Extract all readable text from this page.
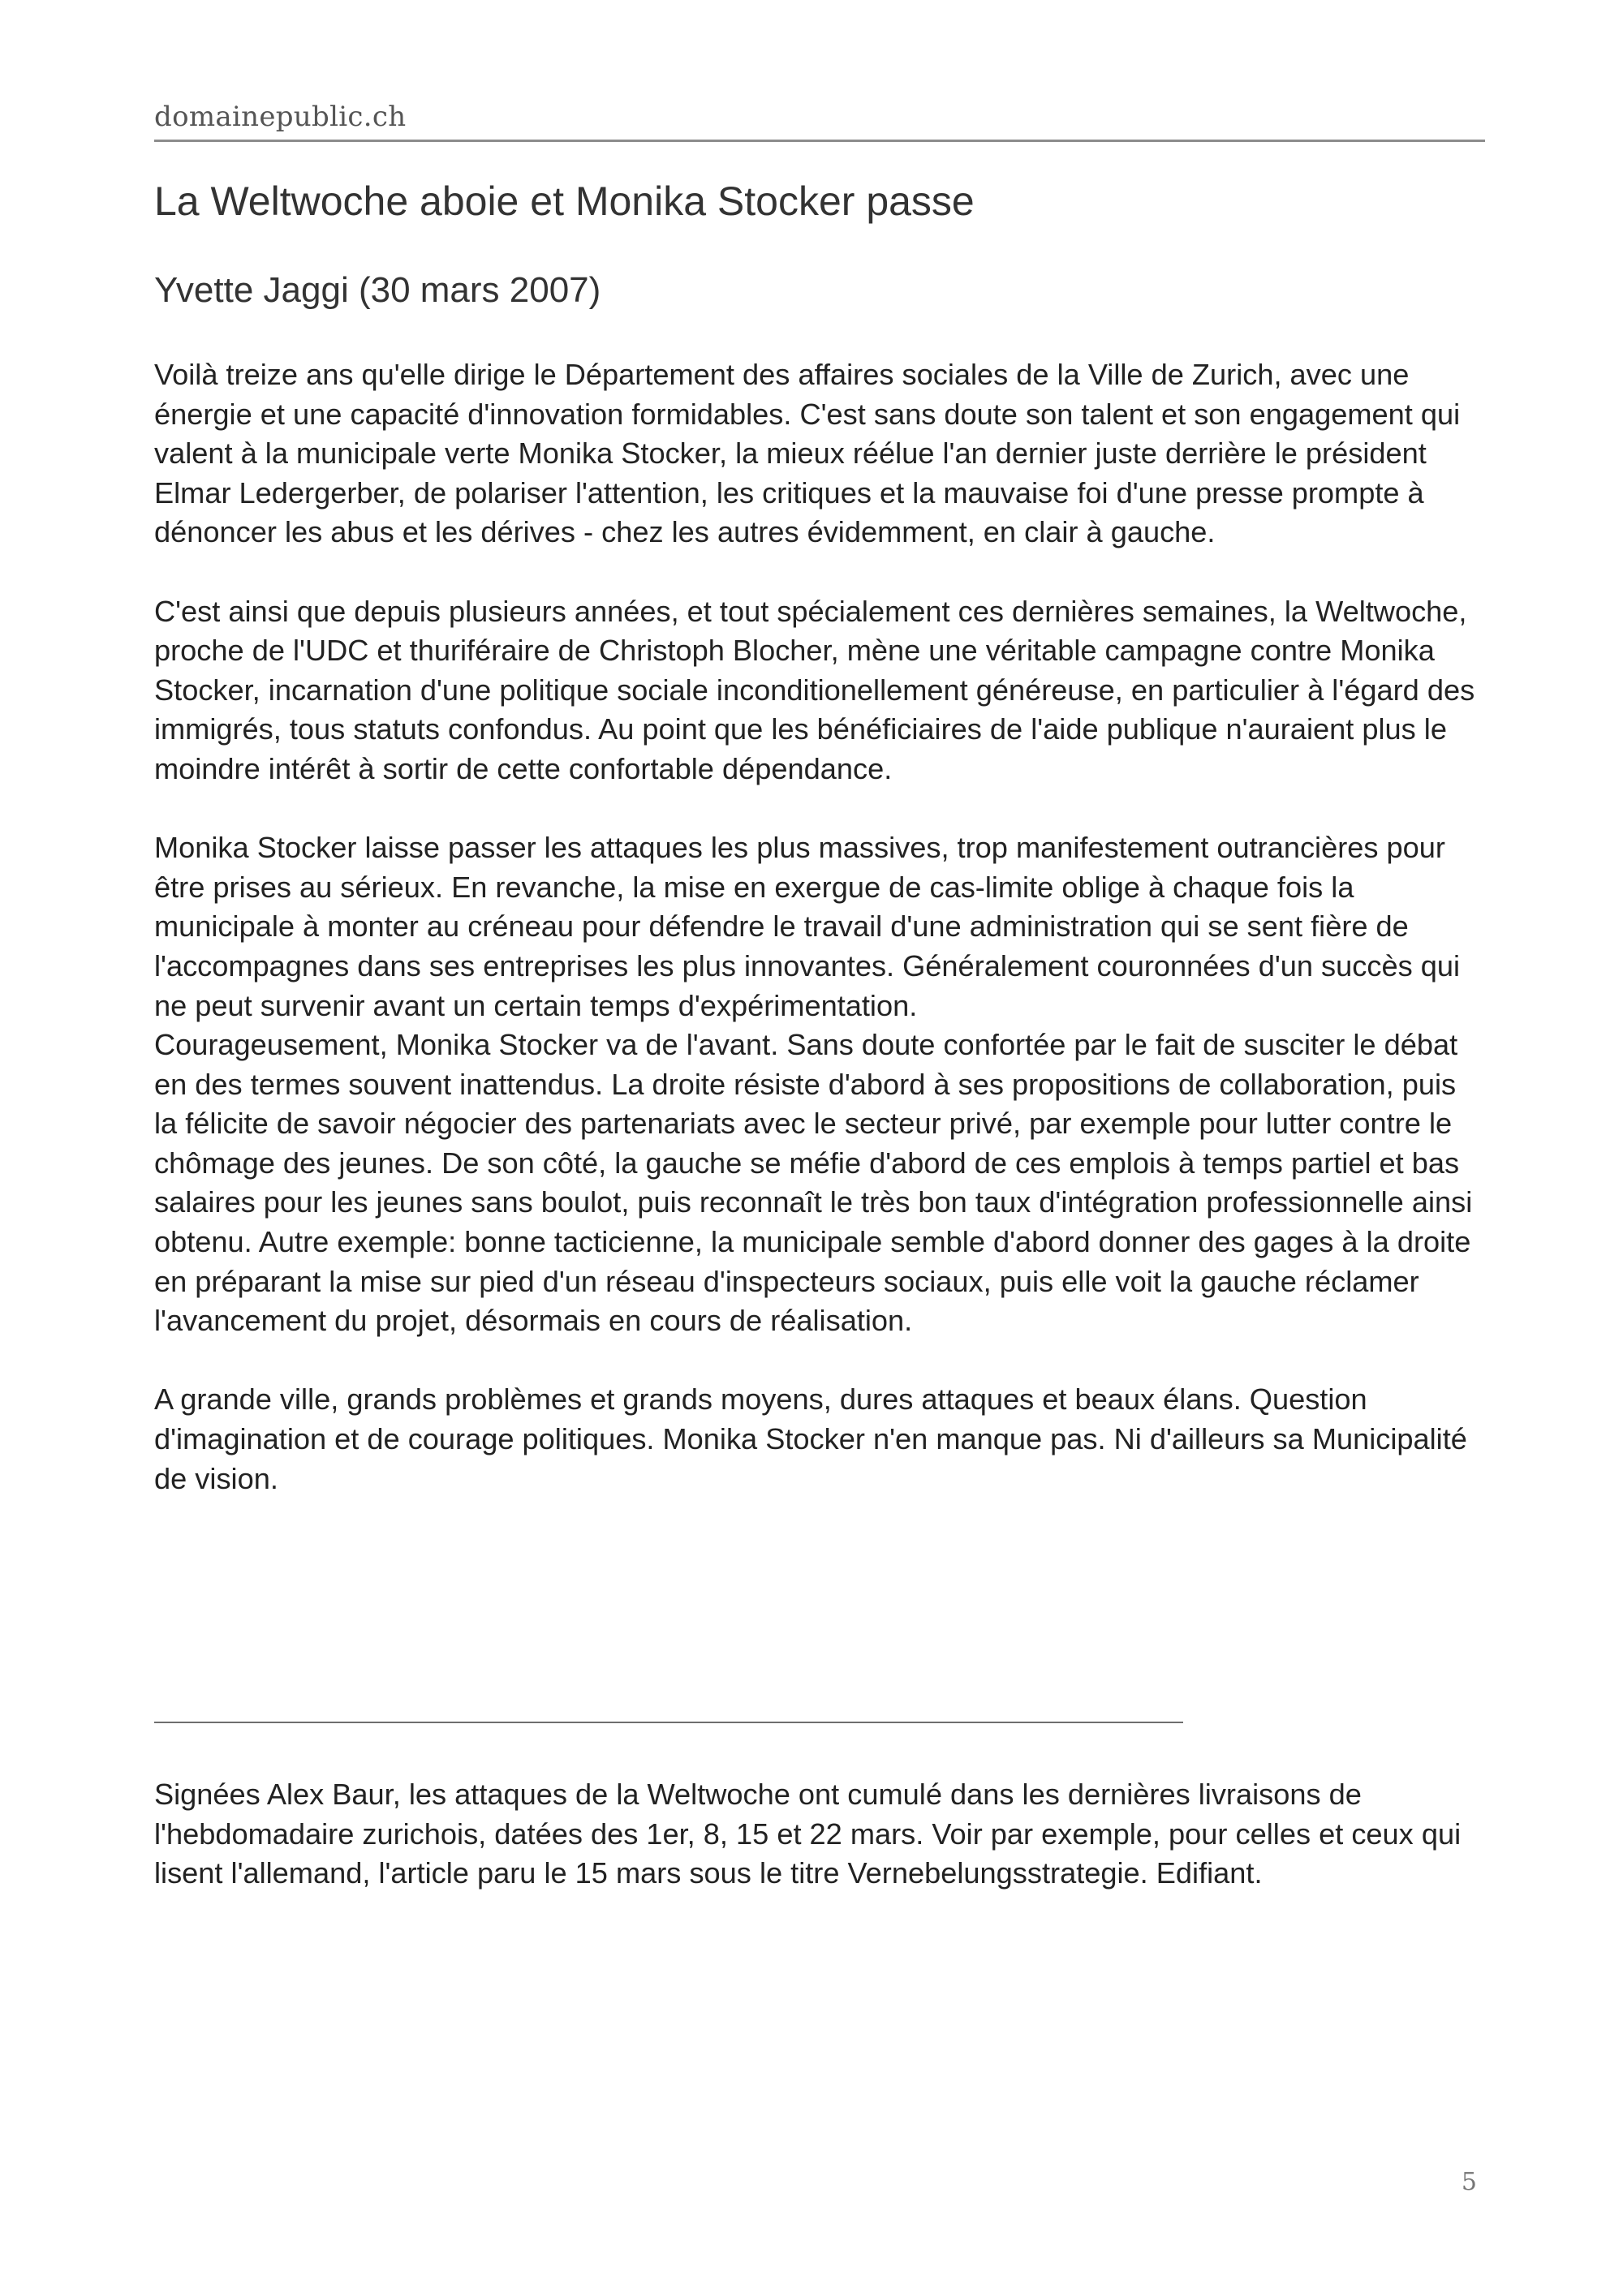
domainepublic.ch
La Weltwoche aboie et Monika Stocker passe
Yvette Jaggi (30 mars 2007)

Voilà treize ans qu'elle dirige le Département des affaires sociales de la Ville de Zurich, avec une énergie et une capacité d'innovation formidables. C'est sans doute son talent et son engagement qui valent à la municipale verte Monika Stocker, la mieux réélue l'an dernier juste derrière le président Elmar Ledergerber, de polariser l'attention, les critiques et la mauvaise foi d'une presse prompte à dénoncer les abus et les dérives - chez les autres évidemment, en clair à gauche.

C'est ainsi que depuis plusieurs années, et tout spécialement ces dernières semaines, la Weltwoche, proche de l'UDC et thuriféraire de Christoph Blocher, mène une véritable campagne contre Monika Stocker, incarnation d'une politique sociale inconditionellement généreuse, en particulier à l'égard des immigrés, tous statuts confondus. Au point que les bénéficiaires de l'aide publique n'auraient plus le moindre intérêt à sortir de cette confortable dépendance.

Monika Stocker laisse passer les attaques les plus massives, trop manifestement outrancières pour être prises au sérieux. En revanche, la mise en exergue de cas-limite oblige à chaque fois la municipale à monter au créneau pour défendre le travail d'une administration qui se sent fière de l'accompagnes dans ses entreprises les plus innovantes. Généralement couronnées d'un succès qui ne peut survenir avant un certain temps d'expérimentation.

Courageusement, Monika Stocker va de l'avant. Sans doute confortée par le fait de susciter le débat en des termes souvent inattendus. La droite résiste d'abord à ses propositions de collaboration, puis la félicite de savoir négocier des partenariats avec le secteur privé, par exemple pour lutter contre le chômage des jeunes. De son côté, la gauche se méfie d'abord de ces emplois à temps partiel et bas salaires pour les jeunes sans boulot, puis reconnaît le très bon taux d'intégration professionnelle ainsi obtenu. Autre exemple: bonne tacticienne, la municipale semble d'abord donner des gages à la droite en préparant la mise sur pied d'un réseau d'inspecteurs sociaux, puis elle voit la gauche réclamer l'avancement du projet, désormais en cours de réalisation.

A grande ville, grands problèmes et grands moyens, dures attaques et beaux élans. Question d'imagination et de courage politiques. Monika Stocker n'en manque pas. Ni d'ailleurs sa Municipalité de vision.

Signées Alex Baur, les attaques de la Weltwoche ont cumulé dans les dernières livraisons de l'hebdomadaire zurichois, datées des 1er, 8, 15 et 22 mars. Voir par exemple, pour celles et ceux qui lisent l'allemand, l'article paru le 15 mars sous le titre Vernebelungsstrategie. Edifiant.

5
